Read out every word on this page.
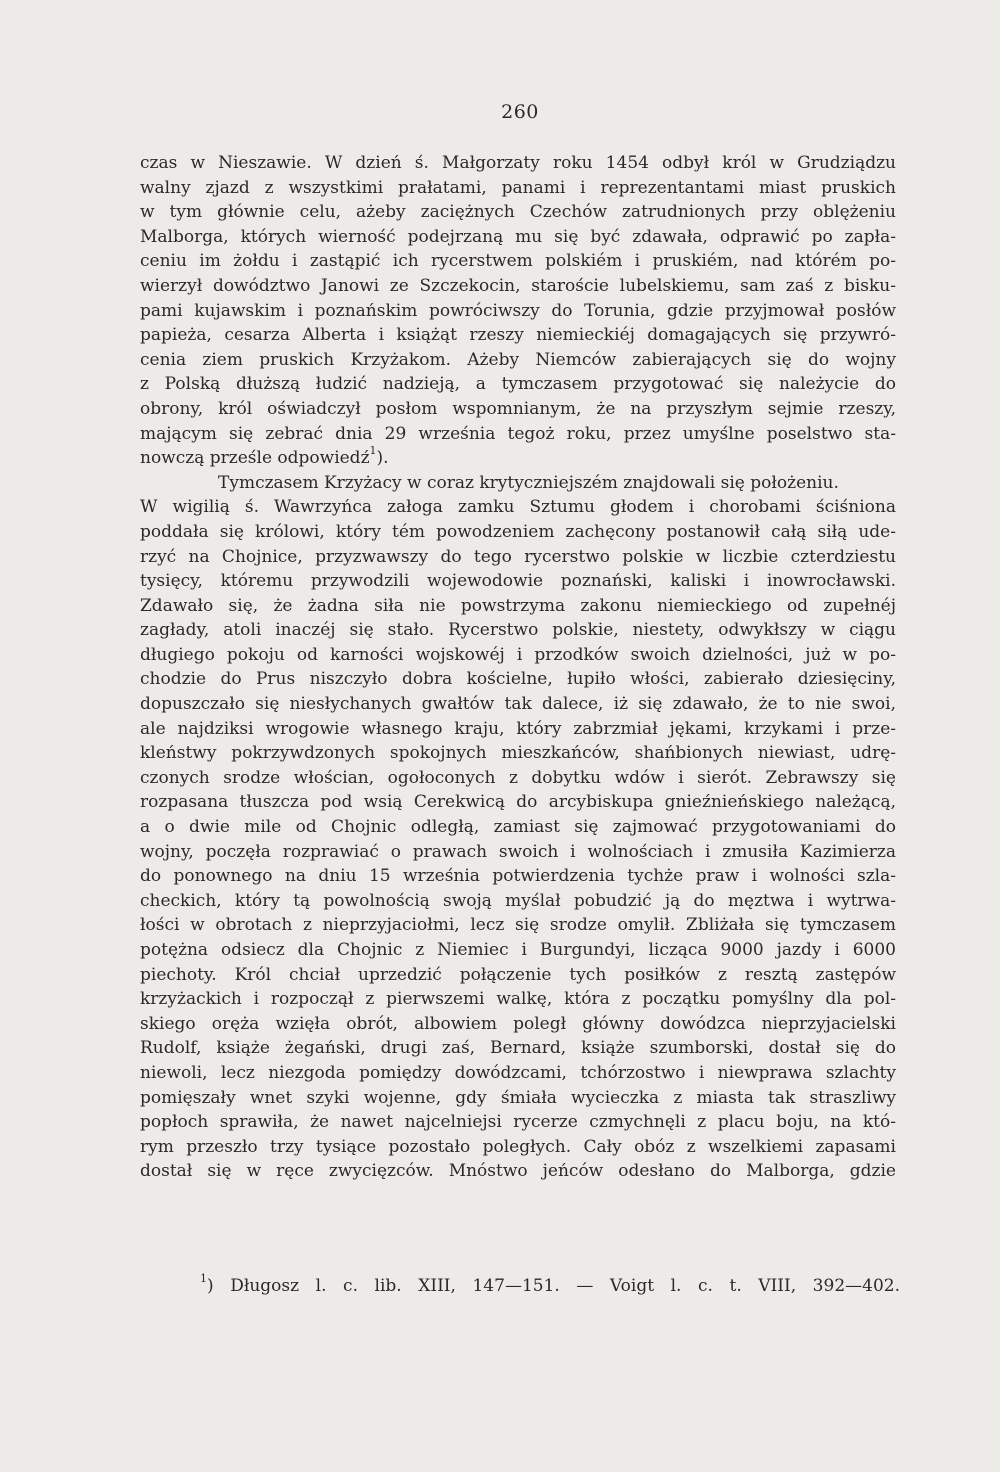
260
czas w Nieszawie. W dzień ś. Małgorzaty roku 1454 odbył król w Grudziądzu
walny zjazd z wszystkimi prałatami, panami i reprezentantami miast pruskich
w tym głównie celu, ażeby zaciężnych Czechów zatrudnionych przy oblężeniu
Malborga, których wierność podejrzaną mu się być zdawała, odprawić po zapła-
ceniu im żołdu i zastąpić ich rycerstwem polskiém i pruskiém, nad którém po-
wierzył dowództwo Janowi ze Szczekocin, staroście lubelskiemu, sam zaś z bisku-
pami kujawskim i poznańskim powróciwszy do Torunia, gdzie przyjmował posłów
papieża, cesarza Alberta i książąt rzeszy niemieckiéj domagających się przywró-
cenia ziem pruskich Krzyżakom. Ażeby Niemców zabierających się do wojny
z Polską dłuższą łudzić nadzieją, a tymczasem przygotować się należycie do
obrony, król oświadczył posłom wspomnianym, że na przyszłym sejmie rzeszy,
mającym się zebrać dnia 29 września tegoż roku, przez umyślne poselstwo sta-
nowczą prześle odpowiedź$^1$).
Tymczasem Krzyżacy w coraz krytyczniejszém znajdowali się położeniu.
W wigilią ś. Wawrzyńca załoga zamku Sztumu głodem i chorobami ściśniona
poddała się królowi, który tém powodzeniem zachęcony postanowił całą siłą ude-
rzyć na Chojnice, przyzwawszy do tego rycerstwo polskie w liczbie czterdziestu
tysięcy, któremu przywodzili wojewodowie poznański, kaliski i inowrocławski.
Zdawało się, że żadna siła nie powstrzyma zakonu niemieckiego od zupełnéj
zagłady, atoli inaczéj się stało. Rycerstwo polskie, niestety, odwykłszy w ciągu
długiego pokoju od karności wojskowéj i przodków swoich dzielności, już w po-
chodzie do Prus niszczyło dobra kościelne, łupiło włości, zabierało dziesięciny,
dopuszczało się niesłychanych gwałtów tak dalece, iż się zdawało, że to nie swoi,
ale najdziksi wrogowie własnego kraju, który zabrzmiał jękami, krzykami i prze-
kleństwy pokrzywdzonych spokojnych mieszkańców, shańbionych niewiast, udrę-
czonych srodze włościan, ogołoconych z dobytku wdów i sierót. Zebrawszy się
rozpasana tłuszcza pod wsią Cerekwicą do arcybiskupa gnieźnieńskiego należącą,
a o dwie mile od Chojnic odległą, zamiast się zajmować przygotowaniami do
wojny, poczęła rozprawiać o prawach swoich i wolnościach i zmusiła Kazimierza
do ponownego na dniu 15 września potwierdzenia tychże praw i wolności szla-
checkich, który tą powolnością swoją myślał pobudzić ją do męztwa i wytrwa-
łości w obrotach z nieprzyjaciołmi, lecz się srodze omylił. Zbliżała się tymczasem
potężna odsiecz dla Chojnic z Niemiec i Burgundyi, licząca 9000 jazdy i 6000
piechoty. Król chciał uprzedzić połączenie tych posiłków z resztą zastępów
krzyżackich i rozpoczął z pierwszemi walkę, która z początku pomyślny dla pol-
skiego oręża wzięła obrót, albowiem poległ główny dowódzca nieprzyjacielski
Rudolf, książe żegański, drugi zaś, Bernard, książe szumborski, dostał się do
niewoli, lecz niezgoda pomiędzy dowódzcami, tchórzostwo i niewprawa szlachty
pomięszały wnet szyki wojenne, gdy śmiała wycieczka z miasta tak straszliwy
popłoch sprawiła, że nawet najcelniejsi rycerze czmychnęli z placu boju, na któ-
rym przeszło trzy tysiące pozostało poległych. Cały obóz z wszelkiemi zapasami
dostał się w ręce zwycięzców. Mnóstwo jeńców odesłano do Malborga, gdzie
$^1$) Długosz l. c. lib. XIII, 147—151. — Voigt l. c. t. VIII, 392—402.
